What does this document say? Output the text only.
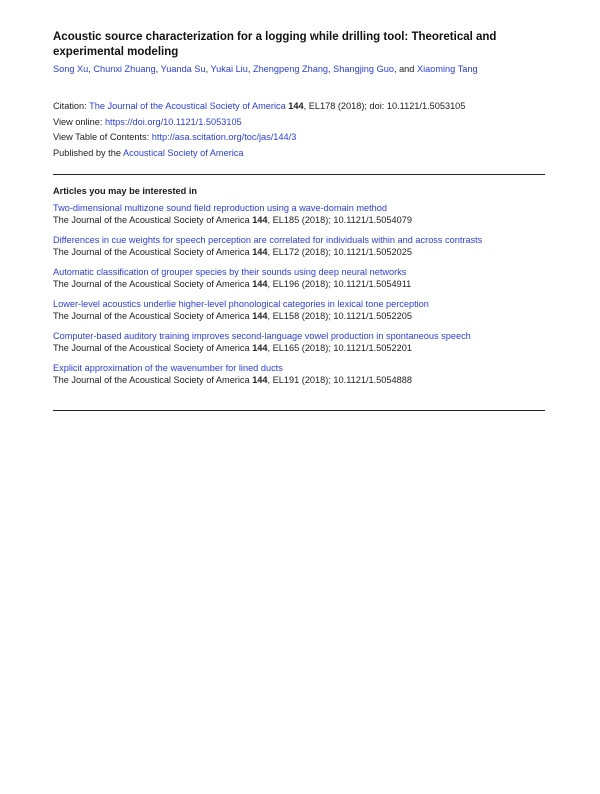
Acoustic source characterization for a logging while drilling tool: Theoretical and experimental modeling
Song Xu, Chunxi Zhuang, Yuanda Su, Yukai Liu, Zhengpeng Zhang, Shangjing Guo, and Xiaoming Tang
Citation: The Journal of the Acoustical Society of America 144, EL178 (2018); doi: 10.1121/1.5053105
View online: https://doi.org/10.1121/1.5053105
View Table of Contents: http://asa.scitation.org/toc/jas/144/3
Published by the Acoustical Society of America
Articles you may be interested in
Two-dimensional multizone sound field reproduction using a wave-domain method
The Journal of the Acoustical Society of America 144, EL185 (2018); 10.1121/1.5054079
Differences in cue weights for speech perception are correlated for individuals within and across contrasts
The Journal of the Acoustical Society of America 144, EL172 (2018); 10.1121/1.5052025
Automatic classification of grouper species by their sounds using deep neural networks
The Journal of the Acoustical Society of America 144, EL196 (2018); 10.1121/1.5054911
Lower-level acoustics underlie higher-level phonological categories in lexical tone perception
The Journal of the Acoustical Society of America 144, EL158 (2018); 10.1121/1.5052205
Computer-based auditory training improves second-language vowel production in spontaneous speech
The Journal of the Acoustical Society of America 144, EL165 (2018); 10.1121/1.5052201
Explicit approximation of the wavenumber for lined ducts
The Journal of the Acoustical Society of America 144, EL191 (2018); 10.1121/1.5054888
